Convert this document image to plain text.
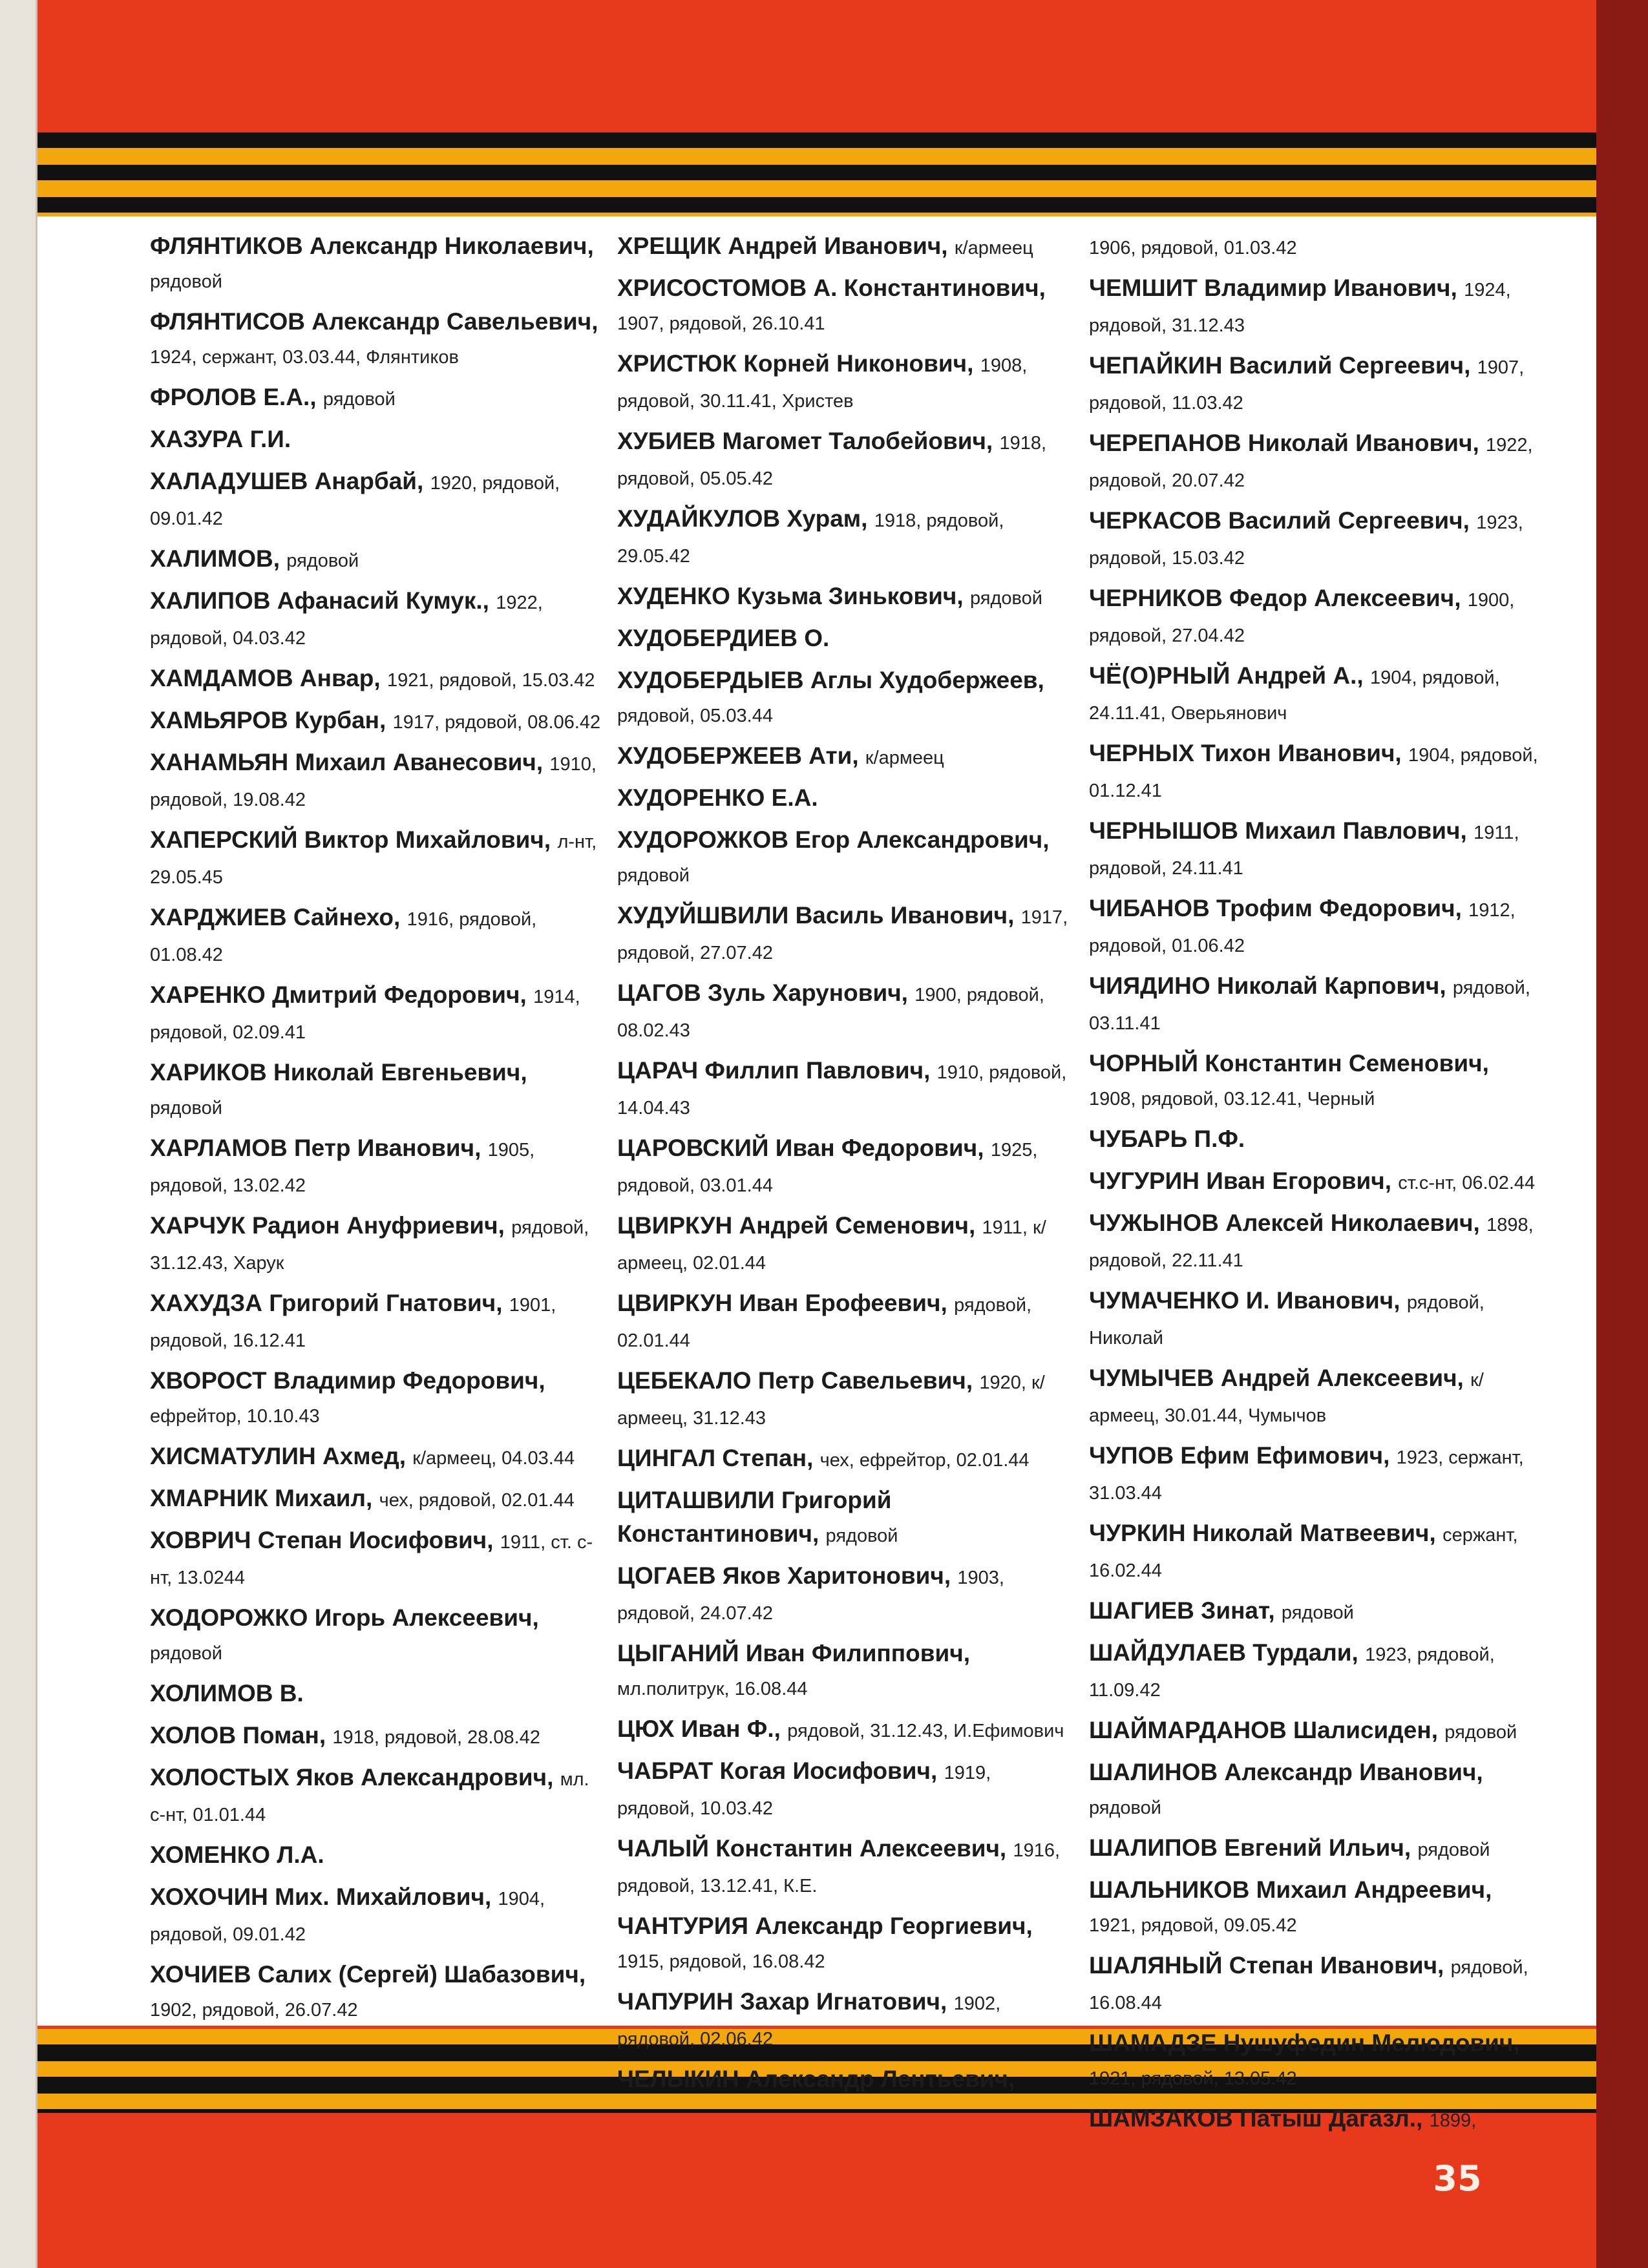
ФЛЯНТИКОВ Александр Николаевич, рядовой
ФЛЯНТИСОВ Александр Савельевич, 1924, сержант, 03.03.44, Флянтиков
ФРОЛОВ Е.А., рядовой
ХАЗУРА Г.И.
ХАЛАДУШЕВ Анарбай, 1920, рядовой, 09.01.42
ХАЛИМОВ, рядовой
ХАЛИПОВ Афанасий Кумук., 1922, рядовой, 04.03.42
ХАМДАМОВ Анвар, 1921, рядовой, 15.03.42
ХАМЬЯРОВ Курбан, 1917, рядовой, 08.06.42
ХАНАМЬЯН Михаил Аванесович, 1910, рядовой, 19.08.42
ХАПЕРСКИЙ Виктор Михайлович, л-нт, 29.05.45
ХАРДЖИЕВ Сайнехо, 1916, рядовой, 01.08.42
ХАРЕНКО Дмитрий Федорович, 1914, рядовой, 02.09.41
ХАРИКОВ Николай Евгеньевич, рядовой
ХАРЛАМОВ Петр Иванович, 1905, рядовой, 13.02.42
ХАРЧУК Радион Ануфриевич, рядовой, 31.12.43, Харук
ХАХУДЗА Григорий Гнатович, 1901, рядовой, 16.12.41
ХВОРОСТ Владимир Федорович, ефрейтор, 10.10.43
ХИСМАТУЛИН Ахмед, к/армеец, 04.03.44
ХМАРНИК Михаил, чех, рядовой, 02.01.44
ХОВРИЧ Степан Иосифович, 1911, ст. с-нт, 13.0244
ХОДОРОЖКО Игорь Алексеевич, рядовой
ХОЛИМОВ В.
ХОЛОВ Поман, 1918, рядовой, 28.08.42
ХОЛОСТЫХ Яков Александрович, мл. с-нт, 01.01.44
ХОМЕНКО Л.А.
ХОХОЧИН Мих. Михайлович, 1904, рядовой, 09.01.42
ХОЧИЕВ Салих (Сергей) Шабазович, 1902, рядовой, 26.07.42
ХРЕЩИК Андрей Иванович, к/армеец
ХРИСОСТОМОВ А. Константинович, 1907, рядовой, 26.10.41
ХРИСТЮК Корней Никонович, 1908, рядовой, 30.11.41, Христев
ХУБИЕВ Магомет Талобейович, 1918, рядовой, 05.05.42
ХУДАЙКУЛОВ Хурам, 1918, рядовой, 29.05.42
ХУДЕНКО Кузьма Зинькович, рядовой
ХУДОБЕРДИЕВ О.
ХУДОБЕРДЫЕВ Аглы Худобержеев, рядовой, 05.03.44
ХУДОБЕРЖЕЕВ Ати, к/армеец
ХУДОРЕНКО Е.А.
ХУДОРОЖКОВ Егор Александрович, рядовой
ХУДУЙШВИЛИ Василь Иванович, 1917, рядовой, 27.07.42
ЦАГОВ Зуль Харунович, 1900, рядовой, 08.02.43
ЦАРАЧ Филлип Павлович, 1910, рядовой, 14.04.43
ЦАРОВСКИЙ Иван Федорович, 1925, рядовой, 03.01.44
ЦВИРКУН Андрей Семенович, 1911, к/армеец, 02.01.44
ЦВИРКУН Иван Ерофеевич, рядовой, 02.01.44
ЦЕБЕКАЛО Петр Савельевич, 1920, к/армеец, 31.12.43
ЦИНГАЛ Степан, чех, ефрейтор, 02.01.44
ЦИТАШВИЛИ Григорий Константинович, рядовой
ЦОГАЕВ Яков Харитонович, 1903, рядовой, 24.07.42
ЦЫГАНИЙ Иван Филиппович, мл.политрук, 16.08.44
ЦЮХ Иван Ф., рядовой, 31.12.43, И.Ефимович
ЧАБРАТ Когая Иосифович, 1919, рядовой, 10.03.42
ЧАЛЫЙ Константин Алексеевич, 1916, рядовой, 13.12.41, К.Е.
ЧАНТУРИЯ Александр Георгиевич, 1915, рядовой, 16.08.42
ЧАПУРИН Захар Игнатович, 1902, рядовой, 02.06.42
ЧЕЛЫКИН Александр Лентьевич,
1906, рядовой, 01.03.42
ЧЕМШИТ Владимир Иванович, 1924, рядовой, 31.12.43
ЧЕПАЙКИН Василий Сергеевич, 1907, рядовой, 11.03.42
ЧЕРЕПАНОВ Николай Иванович, 1922, рядовой, 20.07.42
ЧЕРКАСОВ Василий Сергеевич, 1923, рядовой, 15.03.42
ЧЕРНИКОВ Федор Алексеевич, 1900, рядовой, 27.04.42
ЧЁ(О)РНЫЙ Андрей А., 1904, рядовой, 24.11.41, Оверьянович
ЧЕРНЫХ Тихон Иванович, 1904, рядовой, 01.12.41
ЧЕРНЫШОВ Михаил Павлович, 1911, рядовой, 24.11.41
ЧИБАНОВ Трофим Федорович, 1912, рядовой, 01.06.42
ЧИЯДИНО Николай Карпович, рядовой, 03.11.41
ЧОРНЫЙ Константин Семенович, 1908, рядовой, 03.12.41, Черный
ЧУБАРЬ П.Ф.
ЧУГУРИН Иван Егорович, ст.с-нт, 06.02.44
ЧУЖЫНОВ Алексей Николаевич, 1898, рядовой, 22.11.41
ЧУМАЧЕНКО И. Иванович, рядовой, Николай
ЧУМЫЧЕВ Андрей Алексеевич, к/армеец, 30.01.44, Чумычов
ЧУПОВ Ефим Ефимович, 1923, сержант, 31.03.44
ЧУРКИН Николай Матвеевич, сержант, 16.02.44
ШАГИЕВ Зинат, рядовой
ШАЙДУЛАЕВ Турдали, 1923, рядовой, 11.09.42
ШАЙМАРДАНОВ Шалисиден, рядовой
ШАЛИНОВ Александр Иванович, рядовой
ШАЛИПОВ Евгений Ильич, рядовой
ШАЛЬНИКОВ Михаил Андреевич, 1921, рядовой, 09.05.42
ШАЛЯНЫЙ Степан Иванович, рядовой, 16.08.44
ШАМАДЗЕ Нушуфедин Мелюдович, 1921, рядовой, 13.05.42
ШАМЗАКОВ Патыш Дагазл., 1899,
35
